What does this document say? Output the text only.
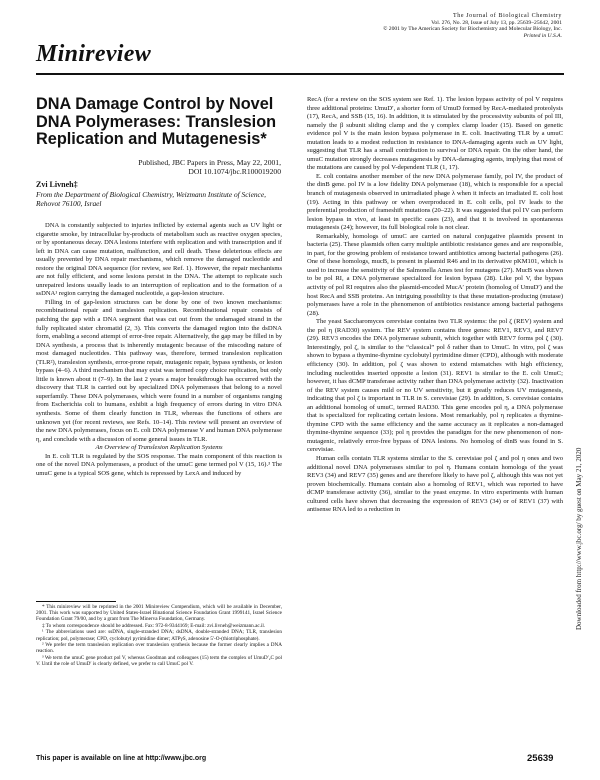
The Journal of Biological Chemistry
Vol. 276, No. 28, Issue of July 13, pp. 25639–25642, 2001
© 2001 by The American Society for Biochemistry and Molecular Biology, Inc.
Printed in U.S.A.
Minireview
DNA Damage Control by Novel DNA Polymerases: Translesion Replication and Mutagenesis*
Published, JBC Papers in Press, May 22, 2001,
DOI 10.1074/jbc.R100019200
Zvi Livneh‡
From the Department of Biological Chemistry, Weizmann Institute of Science, Rehovot 76100, Israel

DNA is constantly subjected to injuries inflicted by external agents such as UV light or cigarette smoke, by intracellular by-products of metabolism such as reactive oxygen species, or by spontaneous decay. DNA lesions interfere with replication and with transcription and if left in DNA can cause mutation, malfunction, and cell death. These deleterious effects are usually prevented by DNA repair mechanisms, which remove the damaged nucleotide and restore the original DNA sequence (for review, see Ref. 1). However, the repair mechanisms are not fully efficient, and some lesions persist in the DNA. The attempt to replicate such unrepaired lesions usually leads to an interruption of replication and to the formation of a ssDNA¹ region carrying the damaged nucleotide, a gap-lesion structure.

Filling in of gap-lesion structures can be done by one of two known mechanisms: recombinational repair and translesion replication. Recombinational repair consists of patching the gap with a DNA segment that was cut out from the undamaged strand in the fully replicated sister chromatid (2, 3). This converts the damaged region into the dsDNA form, enabling a second attempt of error-free repair. Alternatively, the gap may be filled in by DNA synthesis, a process that is inherently mutagenic because of the miscoding nature of most damaged nucleotides. This pathway was, therefore, termed translesion replication (TLR²), translesion synthesis, error-prone repair, mutagenic repair, bypass synthesis, or lesion bypass (4–6). A third mechanism that may exist was termed copy choice replication, but only little is known about it (7–9). In the last 2 years a major breakthrough has occurred with the discovery that TLR is carried out by specialized DNA polymerases that belong to a novel superfamily. These DNA polymerases, which were found in a number of organisms ranging from Escherichia coli to humans, exhibit a high frequency of errors during in vitro DNA synthesis. Some of them clearly function in TLR, whereas the functions of others are unknown yet (for recent reviews, see Refs. 10–14). This review will present an overview of the new DNA polymerases, focus on E. coli DNA polymerase V and human DNA polymerase η, and conclude with a discussion of some general issues in TLR.

An Overview of Translesion Replication Systems

In E. coli TLR is regulated by the SOS response. The main component of this reaction is one of the novel DNA polymerases, a product of the umuC gene termed pol V (15, 16).³ The umuC gene is a typical SOS gene, which is repressed by LexA and induced by

* This minireview will be reprinted in the 2001 Minireview Compendium, which will be available in December, 2001. This work was supported by United States-Israel Binational Science Foundation Grant 1999141, Israel Science Foundation Grant 79/00, and by a grant from The Minerva Foundation, Germany.

‡ To whom correspondence should be addressed. Fax: 972-8-9344169; E-mail: zvi.livneh@weizmann.ac.il.

¹ The abbreviations used are: ssDNA, single-stranded DNA; dsDNA, double-stranded DNA; TLR, translesion replication; pol, polymerase; CPD, cyclobutyl pyrimidine dimer; ATPγS, adenosine 5′-O-(thiotriphosphate).

² We prefer the term translesion replication over translesion synthesis because the former clearly implies a DNA reaction.

³ We term the umuC gene product pol V, whereas Goodman and colleagues (15) term the complex of UmuD′₂C pol V. Until the role of UmuD′ is clearly defined, we prefer to call UmuC pol V.

RecA (for a review on the SOS system see Ref. 1). The lesion bypass activity of pol V requires three additional proteins: UmuD′, a shorter form of UmuD formed by RecA-mediated proteolysis (17), RecA, and SSB (15, 16). In addition, it is stimulated by the processivity subunits of pol III, namely the β subunit sliding clamp and the γ complex clamp loader (15). Based on genetic evidence pol V is the main lesion bypass polymerase in E. coli. Inactivating TLR by a umuC mutation leads to a modest reduction in resistance to DNA-damaging agents such as UV light, suggesting that TLR has a small contribution to survival or DNA repair. On the other hand, the umuC mutation strongly decreases mutagenesis by DNA-damaging agents, implying that most of the mutations are caused by pol V-dependent TLR (1, 17).

E. coli contains another member of the new DNA polymerase family, pol IV, the product of the dinB gene. pol IV is a low fidelity DNA polymerase (18), which is responsible for a special branch of mutagenesis observed in unirradiated phage λ when it infects an irradiated E. coli host (19). Acting in this pathway or when overproduced in E. coli cells, pol IV leads to the preferential production of frameshift mutations (20–22). It was suggested that pol IV can perform lesion bypass in vivo, at least in specific cases (23), and that it is involved in spontaneous mutagenesis (24); however, its full biological role is not clear.

Remarkably, homologs of umuC are carried on natural conjugative plasmids present in bacteria (25). These plasmids often carry multiple antibiotic resistance genes and are responsible, in part, for the growing problem of resistance toward antibiotics among bacterial pathogens (26). One of these homologs, mucB, is present in plasmid R46 and in its derivative pKM101, which is used to increase the sensitivity of the Salmonella Ames test for mutagens (27). MucB was shown to be pol RI, a DNA polymerase specialized for lesion bypass (28). Like pol V, the bypass activity of pol RI requires also the plasmid-encoded MucA′ protein (homolog of UmuD′) and the host RecA and SSB proteins. An intriguing possibility is that these mutation-producing (mutase) polymerases have a role in the phenomenon of antibiotics resistance among bacterial pathogens (28).

The yeast Saccharomyces cerevisiae contains two TLR systems: the pol ζ (REV) system and the pol η (RAD30) system. The REV system contains three genes: REV1, REV3, and REV7 (29). REV3 encodes the DNA polymerase subunit, which together with REV7 forms pol ζ (30). Interestingly, pol ζ, is similar to the “classical” pol δ rather than to UmuC. In vitro, pol ζ was shown to bypass a thymine-thymine cyclobutyl pyrimidine dimer (CPD), although with moderate efficiency (30). In addition, pol ζ was shown to extend mismatches with high efficiency, including nucleotides inserted opposite a lesion (31). REV1 is similar to the E. coli UmuC; however, it has dCMP transferase activity rather than DNA polymerase activity (32). Inactivation of the REV system causes mild or no UV sensitivity, but it greatly reduces UV mutagenesis, indicating that pol ζ is important in TLR in S. cerevisiae (29). In addition, S. cerevisiae contains an additional homolog of umuC, termed RAD30. This gene encodes pol η, a DNA polymerase that is specialized for replicating certain lesions. Most remarkably, pol η replicates a thymine-thymine CPD with the same efficiency and the same accuracy as it replicates a non-damaged thymine-thymine sequence (33); pol η provides the paradigm for the new phenomenon of non-mutagenic, relatively error-free bypass of DNA lesions. No homolog of dinB was found in S. cerevisiae.

Human cells contain TLR systems similar to the S. cerevisiae pol ζ and pol η ones and two additional novel DNA polymerases similar to pol η. Humans contain homologs of the yeast REV3 (34) and REV7 (35) genes and are therefore likely to have pol ζ, although this was not yet proven biochemically. Humans contain also a homolog of REV1, which was reported to have dCMP transferase activity (36), similar to the yeast enzyme. In vitro experiments with human cultured cells have shown that decreasing the expression of REV3 (34) or of REV1 (37) with antisense RNA led to a reduction in

This paper is available on line at http://www.jbc.org	25639
Downloaded from http://www.jbc.org/ by guest on May 21, 2020
